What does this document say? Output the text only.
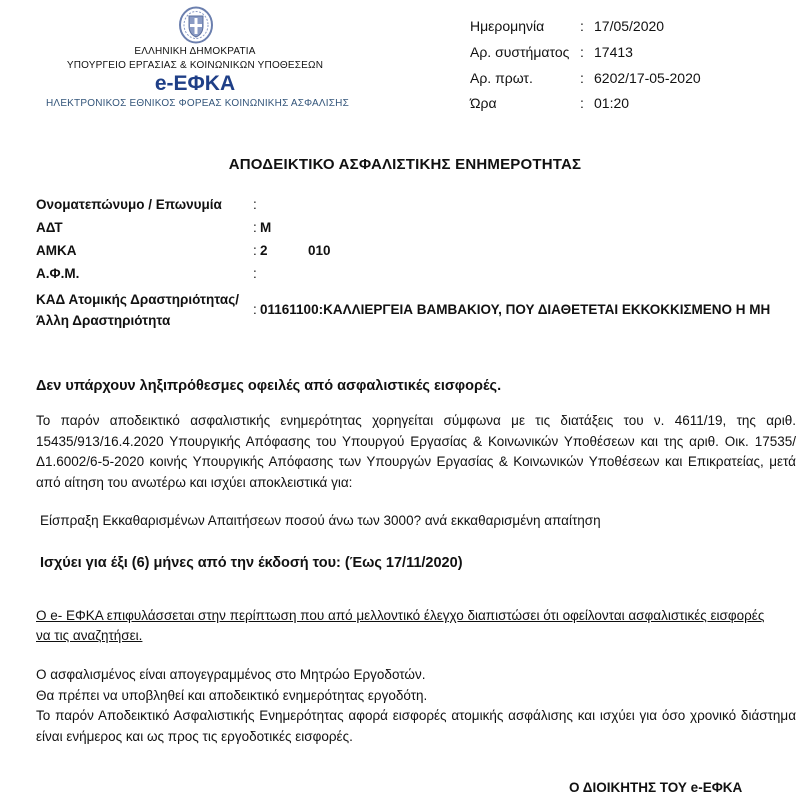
ΕΛΛΗΝΙΚΗ ΔΗΜΟΚΡΑΤΙΑ
ΥΠΟΥΡΓΕΙΟ ΕΡΓΑΣΙΑΣ & ΚΟΙΝΩΝΙΚΩΝ ΥΠΟΘΕΣΕΩΝ
e-ΕΦΚΑ
ΗΛΕΚΤΡΟΝΙΚΟΣ ΕΘΝΙΚΟΣ ΦΟΡΕΑΣ ΚΟΙΝΩΝΙΚΗΣ ΑΣΦΑΛΙΣΗΣ
Ημερομηνία	: 17/05/2020
Αρ. συστήματος : 17413
Αρ. πρωτ.	: 6202/17-05-2020
Ώρα	: 01:20
ΑΠΟΔΕΙΚΤΙΚΟ ΑΣΦΑΛΙΣΤΙΚΗΣ ΕΝΗΜΕΡΟΤΗΤΑΣ
Ονοματεπώνυμο / Επωνυμία :
ΑΔΤ	: Μ
ΑΜΚΑ	: 2	010
Α.Φ.Μ.	:
ΚΑΔ Ατομικής Δραστηριότητας/
Άλλη Δραστηριότητα
: 01161100:ΚΑΛΛΙΕΡΓΕΙΑ ΒΑΜΒΑΚΙΟΥ, ΠΟΥ ΔΙΑΘΕΤΕΤΑΙ ΕΚΚΟΚΚΙΣΜΕΝΟ Η ΜΗ
Δεν υπάρχουν ληξιπρόθεσμες οφειλές από ασφαλιστικές εισφορές.
Το παρόν αποδεικτικό ασφαλιστικής ενημερότητας χορηγείται σύμφωνα με τις διατάξεις του ν. 4611/19, της αριθ. 15435/913/16.4.2020 Υπουργικής Απόφασης του Υπουργού Εργασίας & Κοινωνικών Υποθέσεων και της αριθ. Οικ. 17535/Δ1.6002/6-5-2020 κοινής Υπουργικής Απόφασης των Υπουργών Εργασίας & Κοινωνικών Υποθέσεων και Επικρατείας, μετά από αίτηση του ανωτέρω και ισχύει αποκλειστικά για:
Είσπραξη Εκκαθαρισμένων Απαιτήσεων ποσού άνω των 3000? ανά εκκαθαρισμένη απαίτηση
Ισχύει για έξι (6) μήνες από την έκδοσή του: (Έως 17/11/2020)
Ο e- ΕΦΚΑ επιφυλάσσεται στην περίπτωση που από μελλοντικό έλεγχο διαπιστώσει ότι οφείλονται ασφαλιστικές εισφορές να τις αναζητήσει.
Ο ασφαλισμένος είναι απογεγραμμένος στο Μητρώο Εργοδοτών.
Θα πρέπει να υποβληθεί και αποδεικτικό ενημερότητας εργοδότη.
Το παρόν Αποδεικτικό Ασφαλιστικής Ενημερότητας αφορά εισφορές ατομικής ασφάλισης και ισχύει για όσο χρονικό διάστημα είναι ενήμερος και ως προς τις εργοδοτικές εισφορές.
Ο ΔΙΟΙΚΗΤΗΣ ΤΟΥ e-ΕΦΚΑ
